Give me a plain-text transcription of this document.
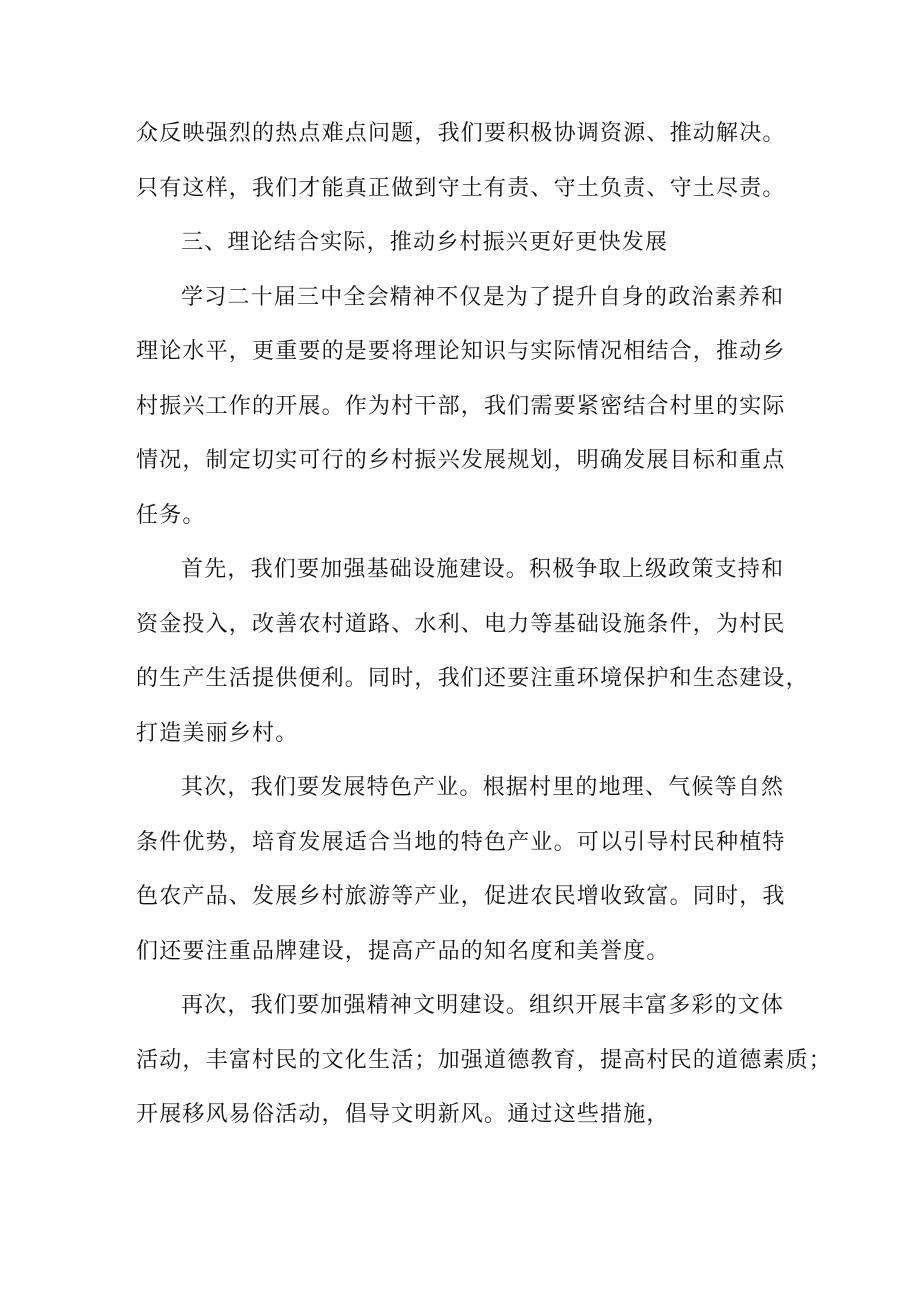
众反映强烈的热点难点问题，我们要积极协调资源、推动解决。
只有这样，我们才能真正做到守土有责、守土负责、守土尽责。
三、理论结合实际，推动乡村振兴更好更快发展
学习二十届三中全会精神不仅是为了提升自身的政治素养和
理论水平，更重要的是要将理论知识与实际情况相结合，推动乡
村振兴工作的开展。作为村干部，我们需要紧密结合村里的实际
情况，制定切实可行的乡村振兴发展规划，明确发展目标和重点
任务。
首先，我们要加强基础设施建设。积极争取上级政策支持和
资金投入，改善农村道路、水利、电力等基础设施条件，为村民
的生产生活提供便利。同时，我们还要注重环境保护和生态建设，
打造美丽乡村。
其次，我们要发展特色产业。根据村里的地理、气候等自然
条件优势，培育发展适合当地的特色产业。可以引导村民种植特
色农产品、发展乡村旅游等产业，促进农民增收致富。同时，我
们还要注重品牌建设，提高产品的知名度和美誉度。
再次，我们要加强精神文明建设。组织开展丰富多彩的文体
活动，丰富村民的文化生活；加强道德教育，提高村民的道德素质；
开展移风易俗活动，倡导文明新风。通过这些措施，
